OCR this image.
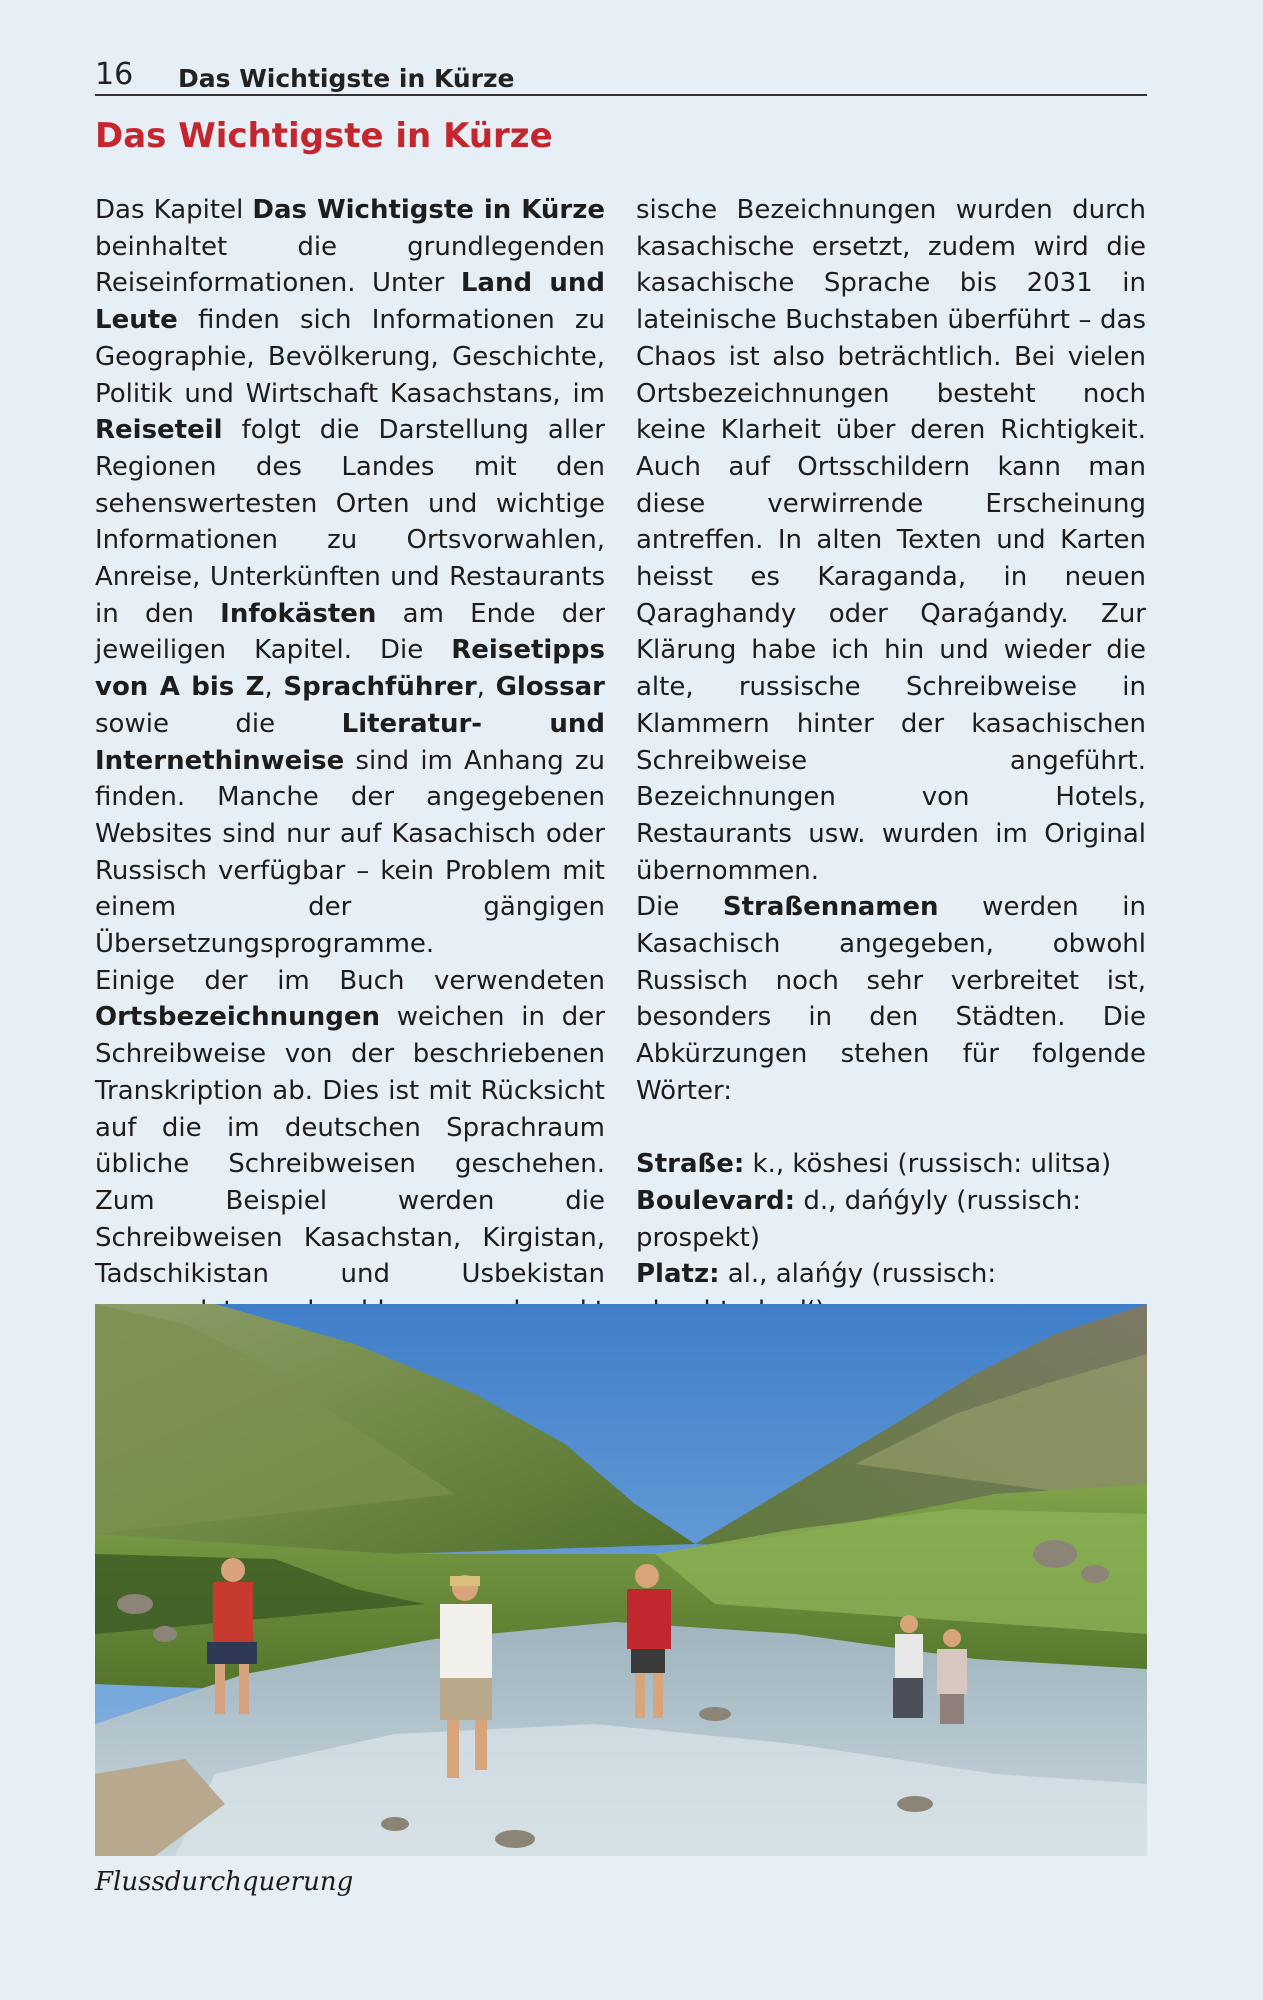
16 Das Wichtigste in Kürze
Das Wichtigste in Kürze

Das Kapitel Das Wichtigste in Kürze beinhaltet die grundlegenden Reiseinformationen. Unter Land und Leute finden sich Informationen zu Geographie, Bevölkerung, Geschichte, Politik und Wirtschaft Kasachstans, im Reiseteil folgt die Darstellung aller Regionen des Landes mit den sehenswertesten Orten und wichtige Informationen zu Ortsvorwahlen, Anreise, Unterkünften und Restaurants in den Infokästen am Ende der jeweiligen Kapitel. Die Reisetipps von A bis Z, Sprachführer, Glossar sowie die Literatur- und Internethinweise sind im Anhang zu finden. Manche der angegebenen Websites sind nur auf Kasachisch oder Russisch verfügbar – kein Problem mit einem der gängigen Übersetzungsprogramme.

Einige der im Buch verwendeten Ortsbezeichnungen weichen in der Schreibweise von der beschriebenen Transkription ab. Dies ist mit Rücksicht auf die im deutschen Sprachraum übliche Schreibweisen geschehen. Zum Beispiel werden die Schreibweisen Kasachstan, Kirgistan, Tadschikistan und Usbekistan

sische Bezeichnungen wurden durch kasachische ersetzt, zudem wird die kasachische Sprache bis 2031 in lateinische Buchstaben überführt – das Chaos ist also beträchtlich. Bei vielen Ortsbezeichnungen besteht noch keine Klarheit über deren Richtigkeit. Auch auf Ortsschildern kann man diese verwirrende Erscheinung antreffen. In alten Texten und Karten heisst es Karaganda, in neuen Qaraghandy oder Qaraǵandy. Zur Klärung habe ich hin und wieder die alte, russische Schreibweise in Klammern hinter der kasachischen Schreibweise angeführt. Bezeichnungen von Hotels, Restaurants usw. wurden im Original übernommen.

Die Straßennamen werden in Kasachisch angegeben, obwohl Russisch noch sehr verbreitet ist, besonders in den Städten. Die Abkürzungen stehen für folgende Wörter:

Straße: k., köshesi (russisch: ulitsa)

Boulevard: d., dańǵyly (russisch: prospekt)

Platz: al., alańǵy (russisch:

Flussdurchquerung
